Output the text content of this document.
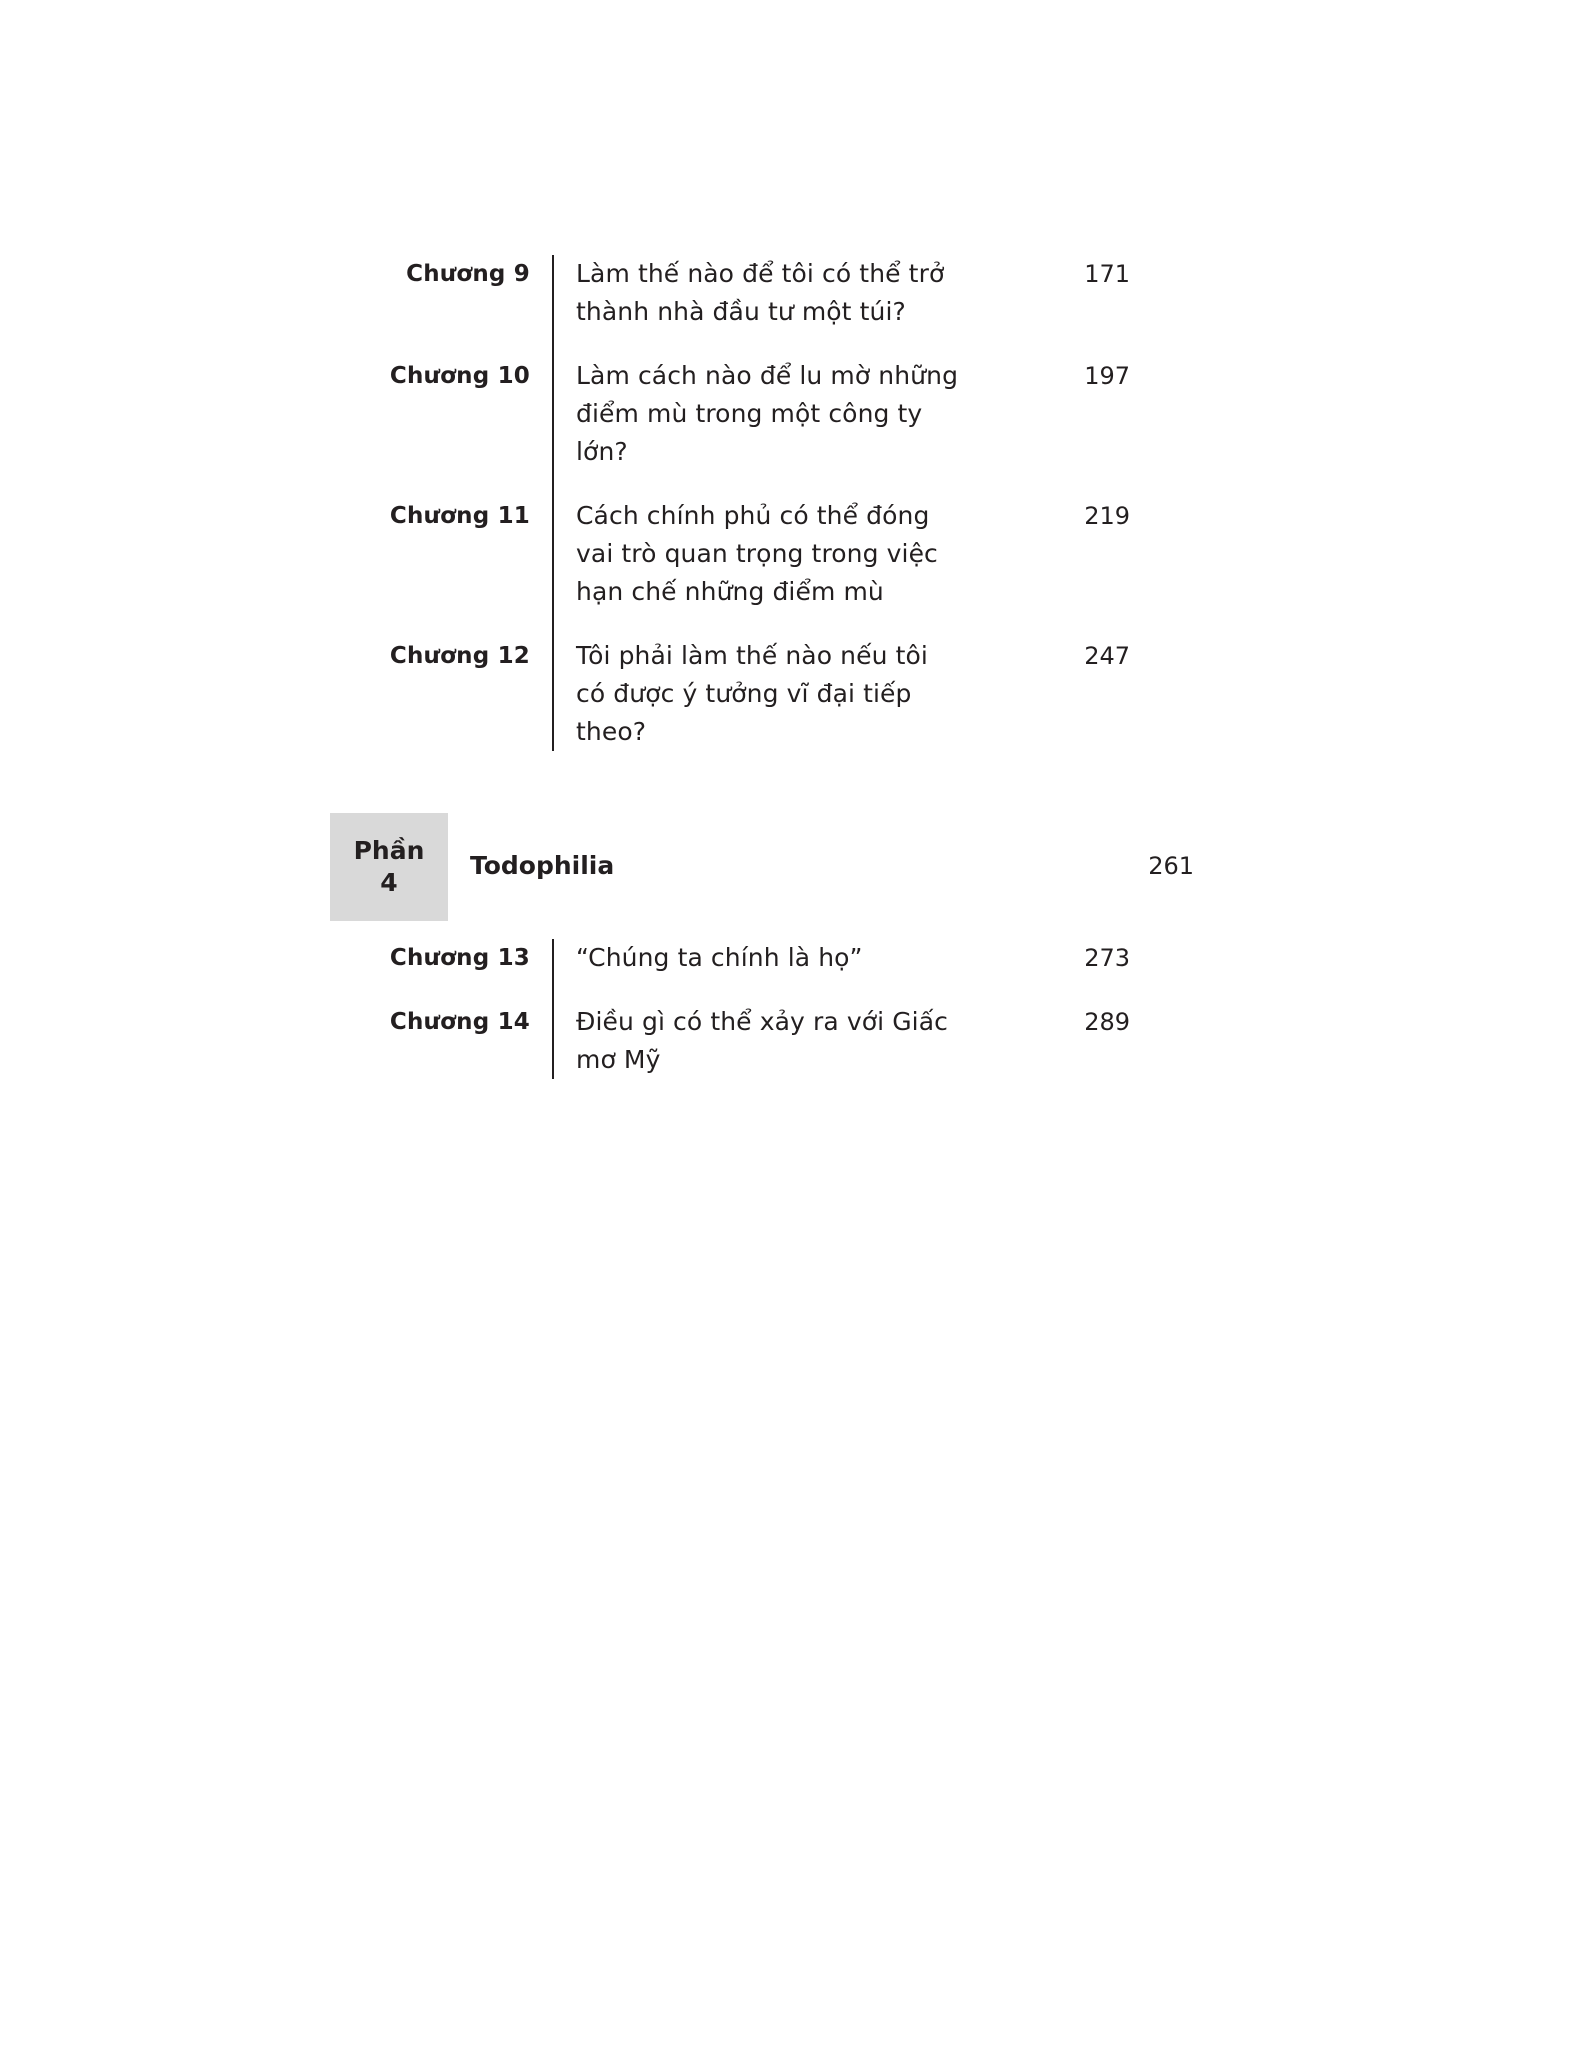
Chương 9 Làm thế nào để tôi có thể trở
thành nhà đầu tư một túi?
171
Chương 10 Làm cách nào để lu mờ những
điểm mù trong một công ty
lớn?
197
Chương 11 Cách chính phủ có thể đóng
vai trò quan trọng trong việc
hạn chế những điểm mù
219
Chương 12 Tôi phải làm thế nào nếu tôi
có được ý tưởng vĩ đại tiếp
theo?
247
Phần
4
Todophilia	261
Chương 13 “Chúng ta chính là họ”	273
Chương 14 Điều gì có thể xảy ra với Giấc
mơ Mỹ
289
